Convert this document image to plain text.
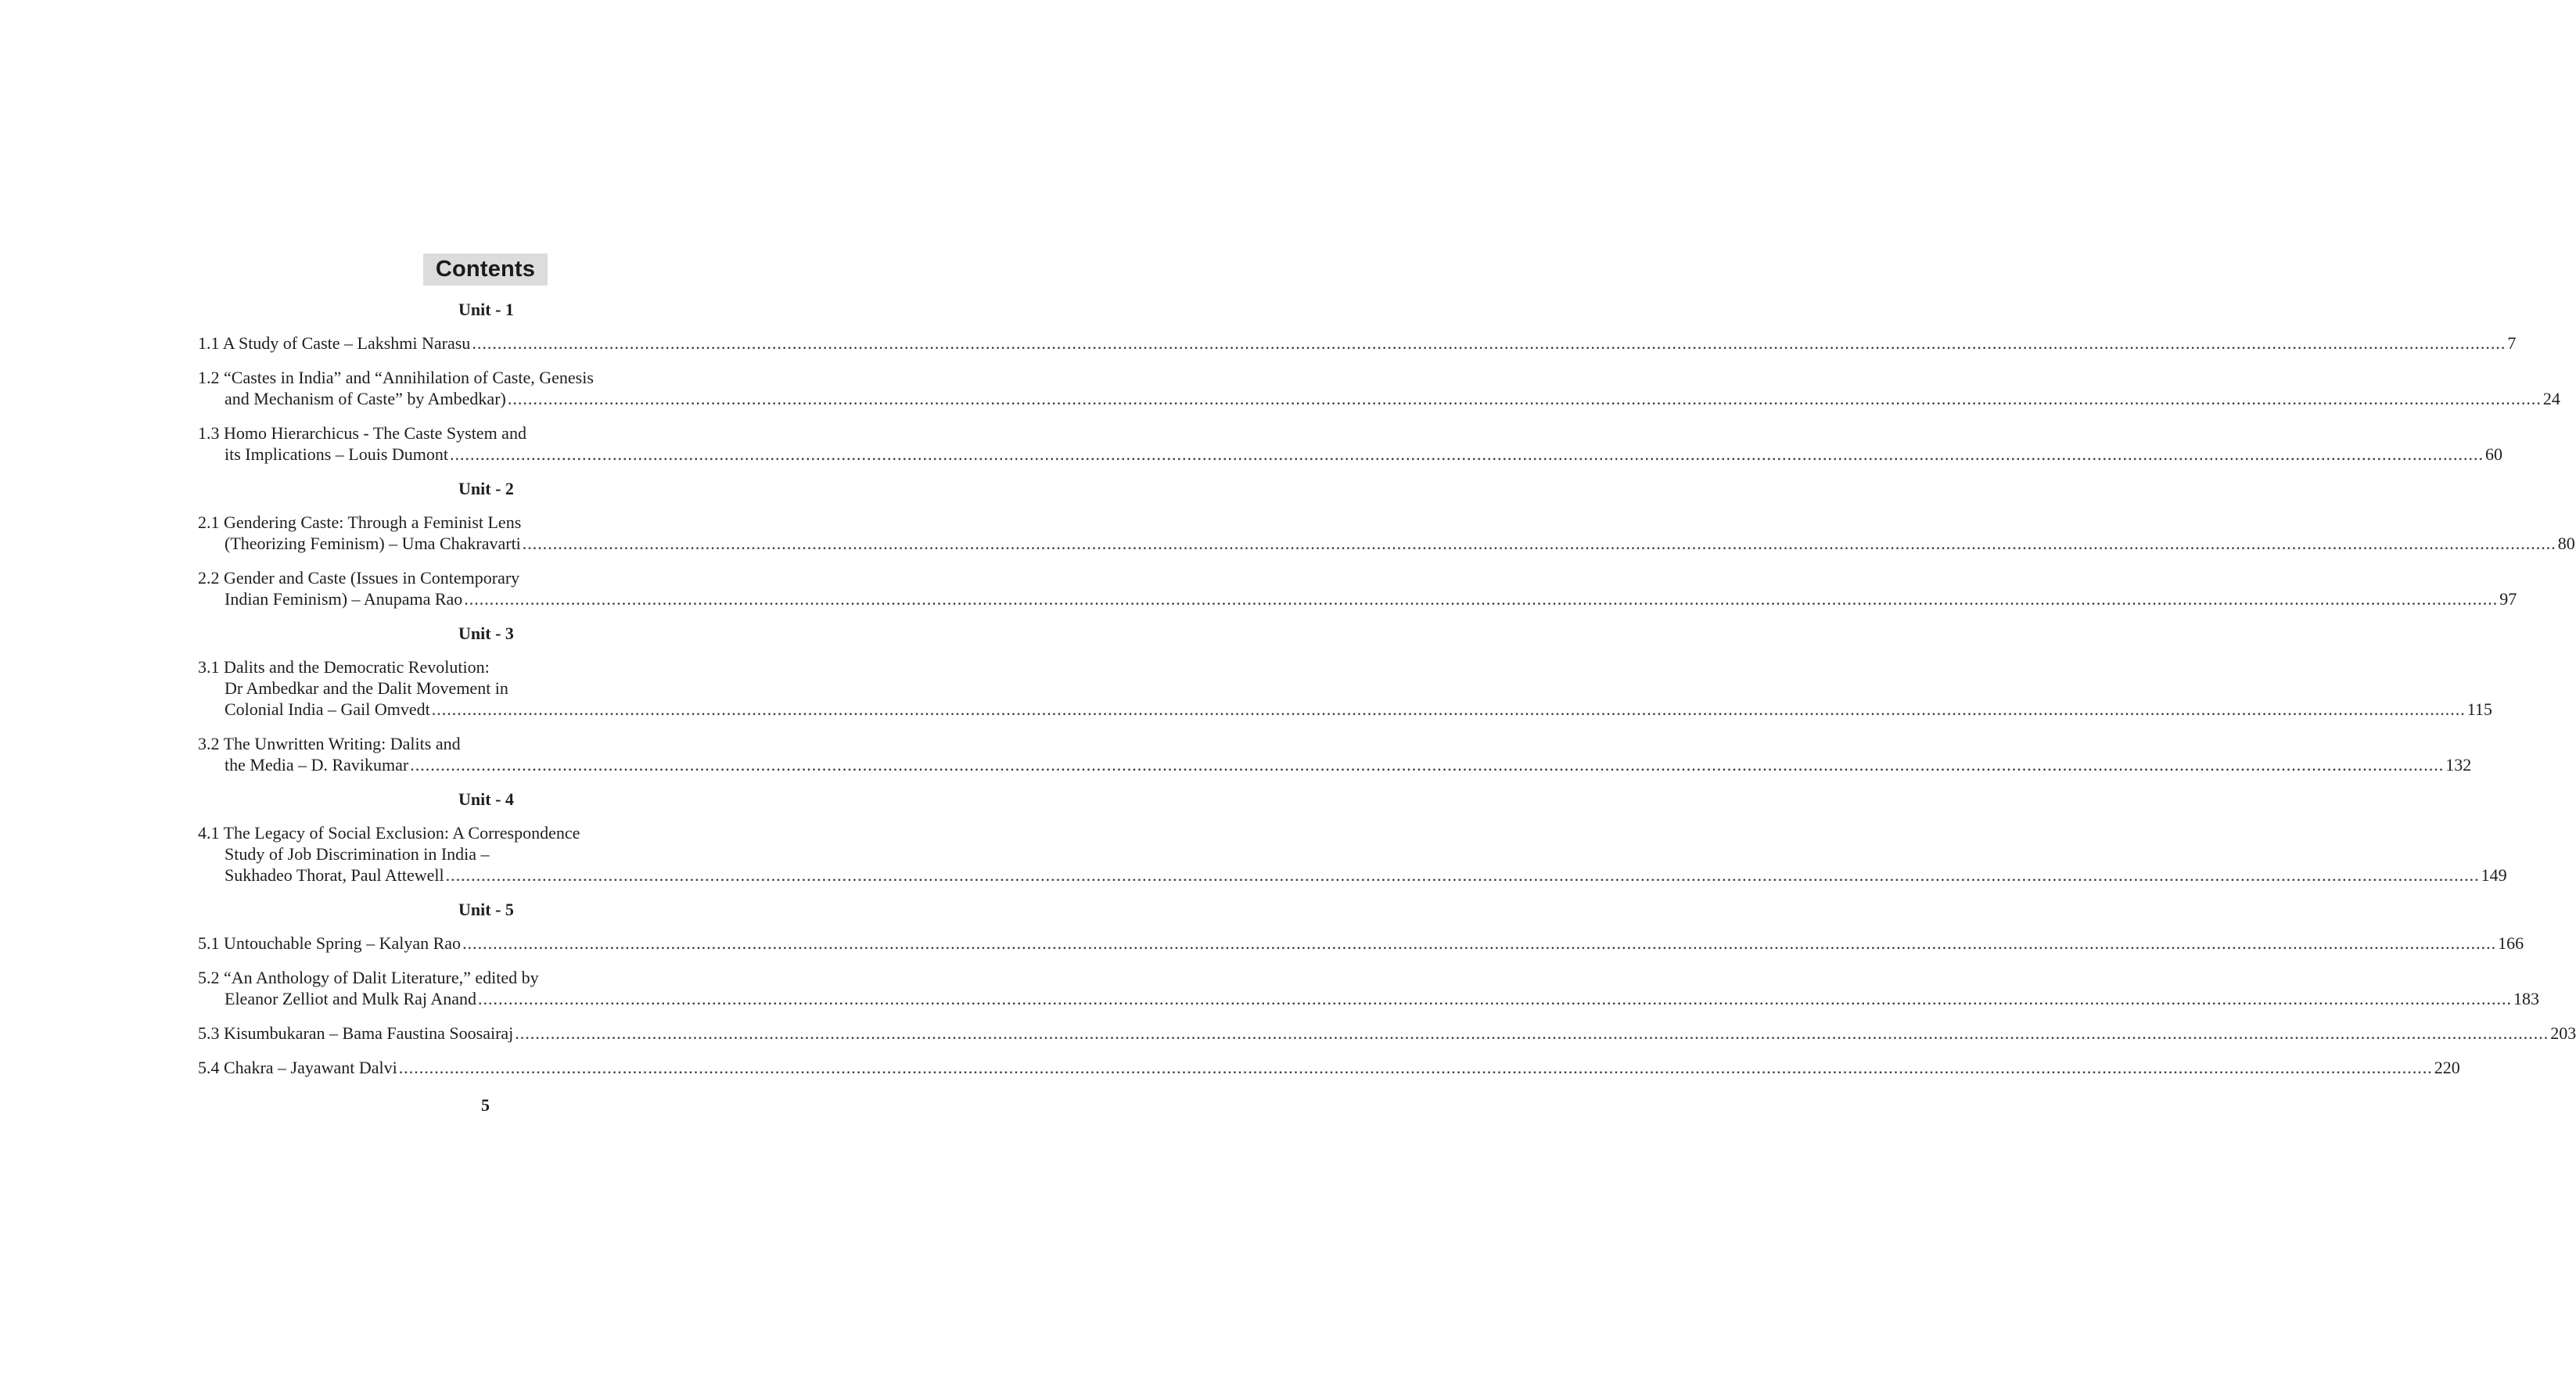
Contents
Unit - 1
1.1 A Study of Caste – Lakshmi Narasu ................................................................................................................................................................................................................................................................................................................................................................................................................ 7
1.2 “Castes in India” and “Annihilation of Caste, Genesis
and Mechanism of Caste” by Ambedkar) ................................................................................................................................................................................................................................................................................................................................................................................................................ 24
1.3 Homo Hierarchicus - The Caste System and
its Implications – Louis Dumont ................................................................................................................................................................................................................................................................................................................................................................................................................ 60
Unit - 2
2.1 Gendering Caste: Through a Feminist Lens
(Theorizing Feminism) – Uma Chakravarti ................................................................................................................................................................................................................................................................................................................................................................................................................ 80
2.2 Gender and Caste (Issues in Contemporary
Indian Feminism) – Anupama Rao ................................................................................................................................................................................................................................................................................................................................................................................................................ 97
Unit - 3
3.1 Dalits and the Democratic Revolution:
Dr Ambedkar and the Dalit Movement in
Colonial India – Gail Omvedt ................................................................................................................................................................................................................................................................................................................................................................................................................ 115
3.2 The Unwritten Writing: Dalits and
the Media – D. Ravikumar ................................................................................................................................................................................................................................................................................................................................................................................................................ 132
Unit - 4
4.1 The Legacy of Social Exclusion: A Correspondence
Study of Job Discrimination in India –
Sukhadeo Thorat, Paul Attewell ................................................................................................................................................................................................................................................................................................................................................................................................................ 149
Unit - 5
5.1 Untouchable Spring – Kalyan Rao ................................................................................................................................................................................................................................................................................................................................................................................................................ 166
5.2 “An Anthology of Dalit Literature,” edited by
Eleanor Zelliot and Mulk Raj Anand ................................................................................................................................................................................................................................................................................................................................................................................................................ 183
5.3 Kisumbukaran – Bama Faustina Soosairaj ................................................................................................................................................................................................................................................................................................................................................................................................................ 203
5.4 Chakra – Jayawant Dalvi ................................................................................................................................................................................................................................................................................................................................................................................................................ 220
5
